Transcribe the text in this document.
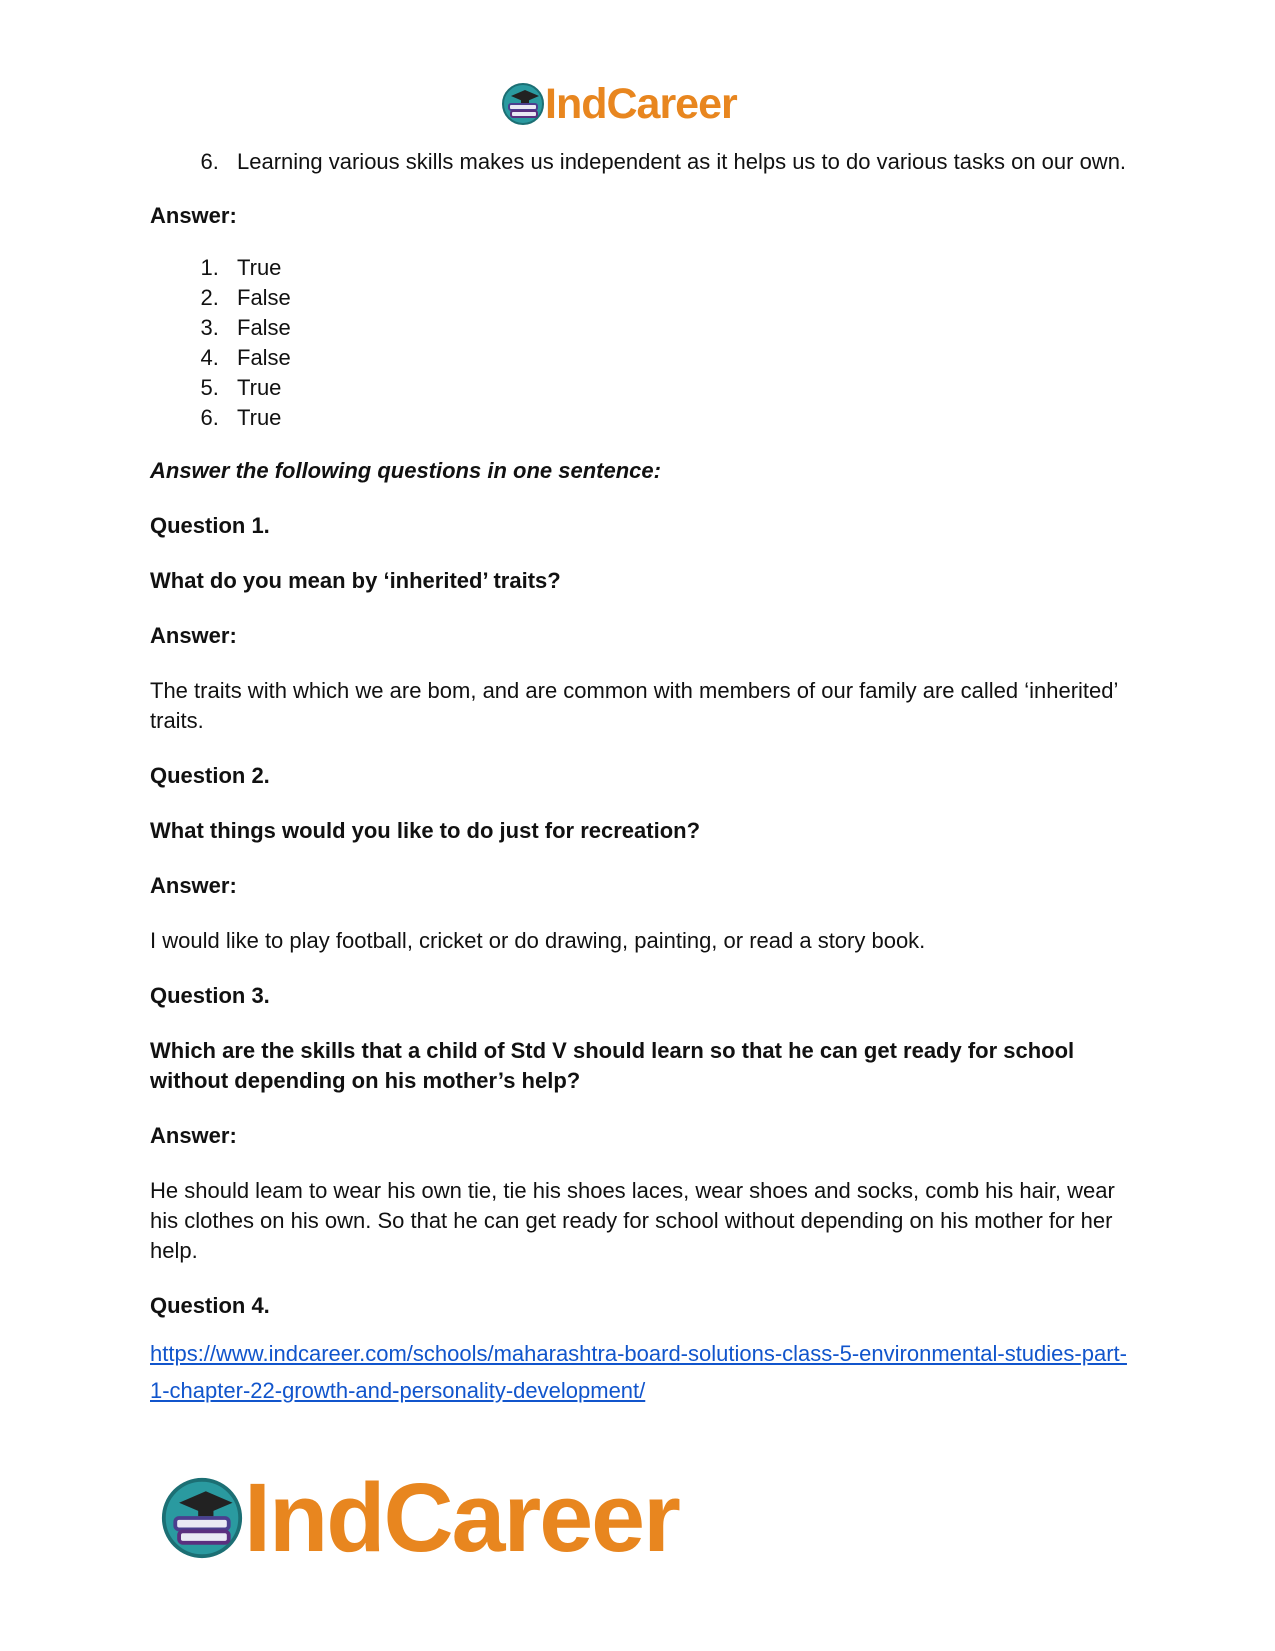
IndCareer
6. Learning various skills makes us independent as it helps us to do various tasks on our own.

Answer:

1. True
2. False
3. False
4. False
5. True
6. True

Answer the following questions in one sentence:

Question 1.

What do you mean by ‘inherited’ traits?

Answer:

The traits with which we are bom, and are common with members of our family are called ‘inherited’ traits.

Question 2.

What things would you like to do just for recreation?

Answer:

I would like to play football, cricket or do drawing, painting, or read a story book.

Question 3.

Which are the skills that a child of Std V should learn so that he can get ready for school without depending on his mother’s help?

Answer:

He should leam to wear his own tie, tie his shoes laces, wear shoes and socks, comb his hair, wear his clothes on his own. So that he can get ready for school without depending on his mother for her help.

Question 4.

https://www.indcareer.com/schools/maharashtra-board-solutions-class-5-environmental-studies-part-1-chapter-22-growth-and-personality-development/
IndCareer
